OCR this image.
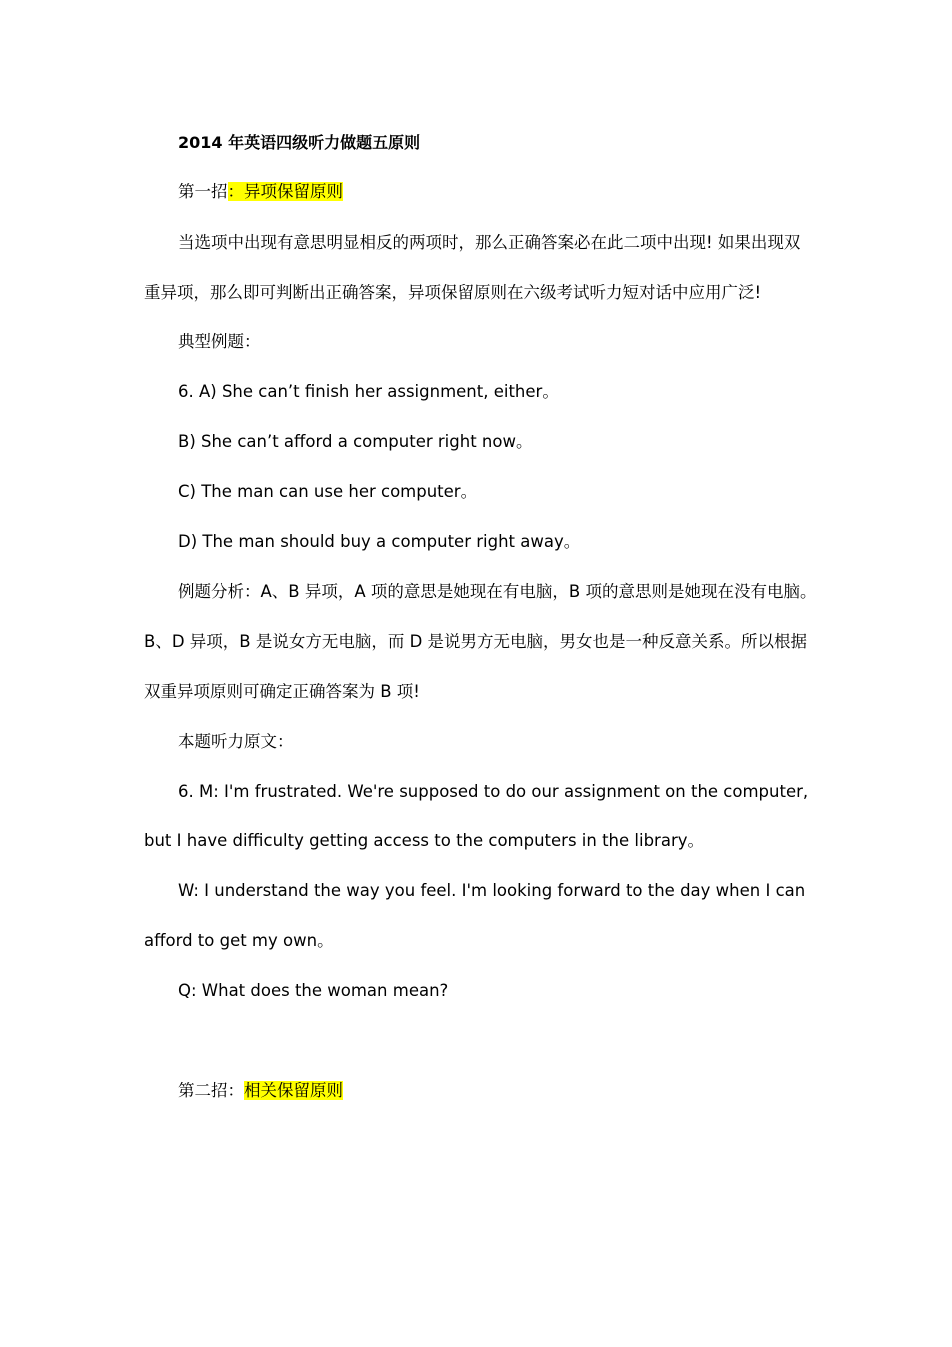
2014 年英语四级听力做题五原则
第一招：异项保留原则
当选项中出现有意思明显相反的两项时，那么正确答案必在此二项中出现! 如果出现双
重异项，那么即可判断出正确答案，异项保留原则在六级考试听力短对话中应用广泛!
典型例题：
6. A) She can’t finish her assignment, either。
B) She can’t afford a computer right now。
C) The man can use her computer。
D) The man should buy a computer right away。
例题分析：A、B 异项，A 项的意思是她现在有电脑，B 项的意思则是她现在没有电脑。
B、D 异项，B 是说女方无电脑，而 D 是说男方无电脑，男女也是一种反意关系。所以根据
双重异项原则可确定正确答案为 B 项!
本题听力原文：
6. M: I'm frustrated. We're supposed to do our assignment on the computer,
but I have difficulty getting access to the computers in the library。
W: I understand the way you feel. I'm looking forward to the day when I can
afford to get my own。
Q: What does the woman mean?
第二招：相关保留原则
